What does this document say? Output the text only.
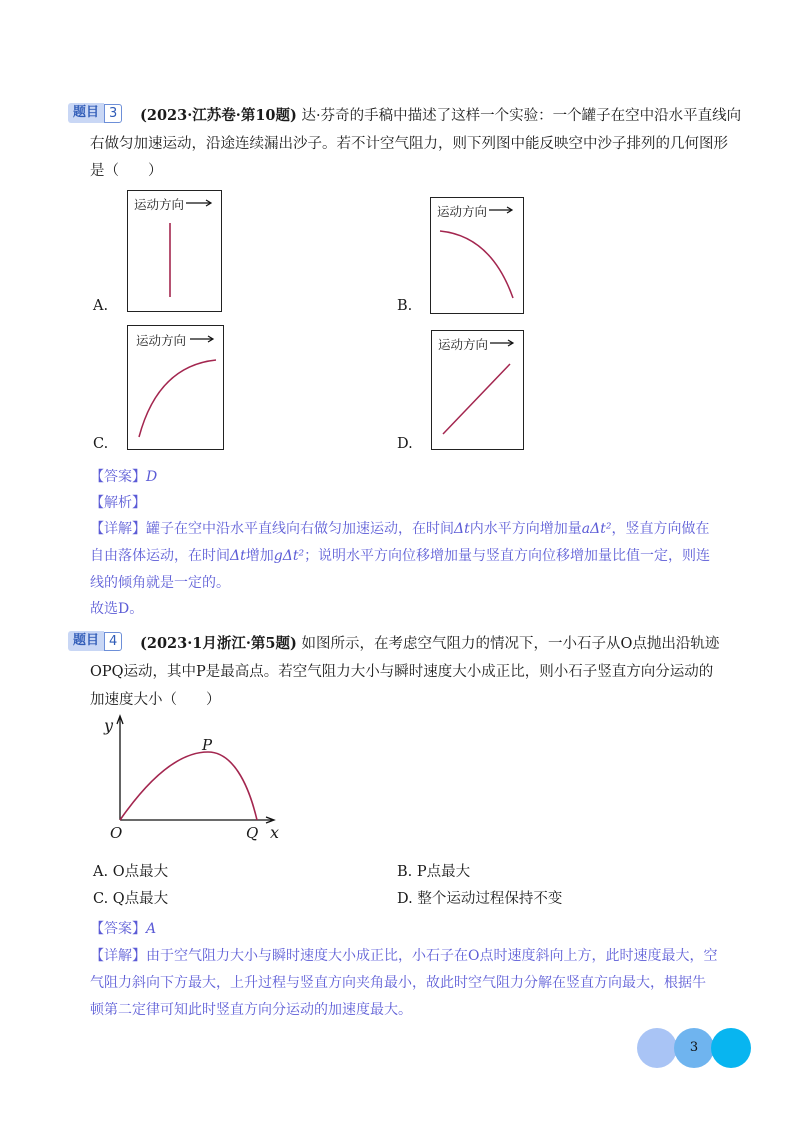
题目 3	(2023·江苏卷·第10题) 达·芬奇的手稿中描述了这样一个实验：一个罐子在空中沿水平直线向
右做匀加速运动，沿途连续漏出沙子。若不计空气阻力，则下列图中能反映空中沙子排列的几何图形
是（　　）
A.
运动方向
B.
运动方向
C.
运动方向
D.
运动方向
【答案】D
【解析】
【详解】罐子在空中沿水平直线向右做匀加速运动，在时间Δt内水平方向增加量aΔt²，竖直方向做在
自由落体运动，在时间Δt增加gΔt²；说明水平方向位移增加量与竖直方向位移增加量比值一定，则连
线的倾角就是一定的。
故选D。
题目 4	(2023·1月浙江·第5题) 如图所示，在考虑空气阻力的情况下，一小石子从O点抛出沿轨迹
OPQ运动，其中P是最高点。若空气阻力大小与瞬时速度大小成正比，则小石子竖直方向分运动的
加速度大小（　　）
y
P
O	Q x
A. O点最大	B. P点最大
C. Q点最大	D. 整个运动过程保持不变
【答案】A
【详解】由于空气阻力大小与瞬时速度大小成正比，小石子在O点时速度斜向上方，此时速度最大，空
气阻力斜向下方最大，上升过程与竖直方向夹角最小，故此时空气阻力分解在竖直方向最大，根据牛
顿第二定律可知此时竖直方向分运动的加速度最大。
3
